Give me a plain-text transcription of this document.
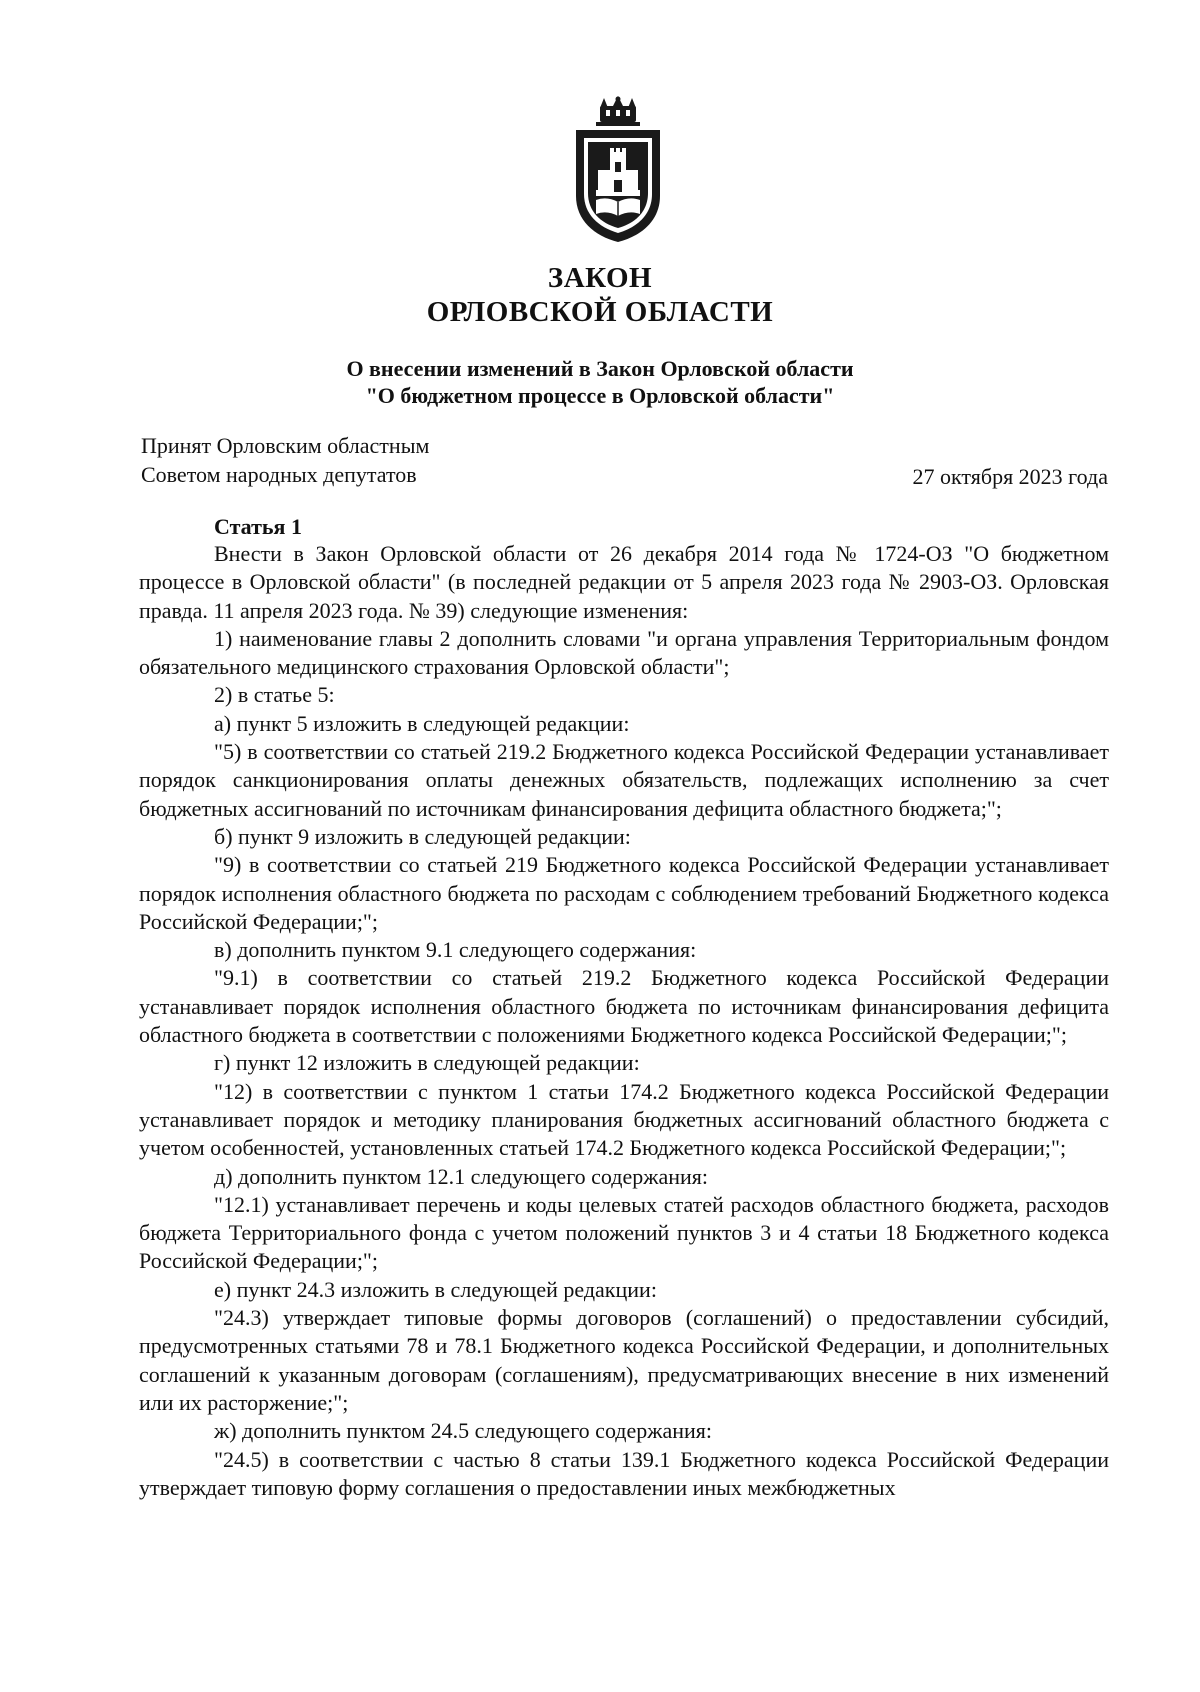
ЗАКОН
ОРЛОВСКОЙ ОБЛАСТИ
О внесении изменений в Закон Орловской области
"О бюджетном процессе в Орловской области"
Принят Орловским областным
Советом народных депутатов	27 октября 2023 года
Статья 1

Внести в Закон Орловской области от 26 декабря 2014 года № 1724-ОЗ "О бюджетном процессе в Орловской области" (в последней редакции от 5 апреля 2023 года № 2903-ОЗ. Орловская правда. 11 апреля 2023 года. № 39) следующие изменения:

1) наименование главы 2 дополнить словами "и органа управления Территориальным фондом обязательного медицинского страхования Орловской области";

2) в статье 5:

а) пункт 5 изложить в следующей редакции:

"5) в соответствии со статьей 219.2 Бюджетного кодекса Российской Федерации устанавливает порядок санкционирования оплаты денежных обязательств, подлежащих исполнению за счет бюджетных ассигнований по источникам финансирования дефицита областного бюджета;";

б) пункт 9 изложить в следующей редакции:

"9) в соответствии со статьей 219 Бюджетного кодекса Российской Федерации устанавливает порядок исполнения областного бюджета по расходам с соблюдением требований Бюджетного кодекса Российской Федерации;";

в) дополнить пунктом 9.1 следующего содержания:

"9.1) в соответствии со статьей 219.2 Бюджетного кодекса Российской Федерации устанавливает порядок исполнения областного бюджета по источникам финансирования дефицита областного бюджета в соответствии с положениями Бюджетного кодекса Российской Федерации;";

г) пункт 12 изложить в следующей редакции:

"12) в соответствии с пунктом 1 статьи 174.2 Бюджетного кодекса Российской Федерации устанавливает порядок и методику планирования бюджетных ассигнований областного бюджета с учетом особенностей, установленных статьей 174.2 Бюджетного кодекса Российской Федерации;";

д) дополнить пунктом 12.1 следующего содержания:

"12.1) устанавливает перечень и коды целевых статей расходов областного бюджета, расходов бюджета Территориального фонда с учетом положений пунктов 3 и 4 статьи 18 Бюджетного кодекса Российской Федерации;";

е) пункт 24.3 изложить в следующей редакции:

"24.3) утверждает типовые формы договоров (соглашений) о предоставлении субсидий, предусмотренных статьями 78 и 78.1 Бюджетного кодекса Российской Федерации, и дополнительных соглашений к указанным договорам (соглашениям), предусматривающих внесение в них изменений или их расторжение;";

ж) дополнить пунктом 24.5 следующего содержания:

"24.5) в соответствии с частью 8 статьи 139.1 Бюджетного кодекса Российской Федерации утверждает типовую форму соглашения о предоставлении иных межбюджетных
